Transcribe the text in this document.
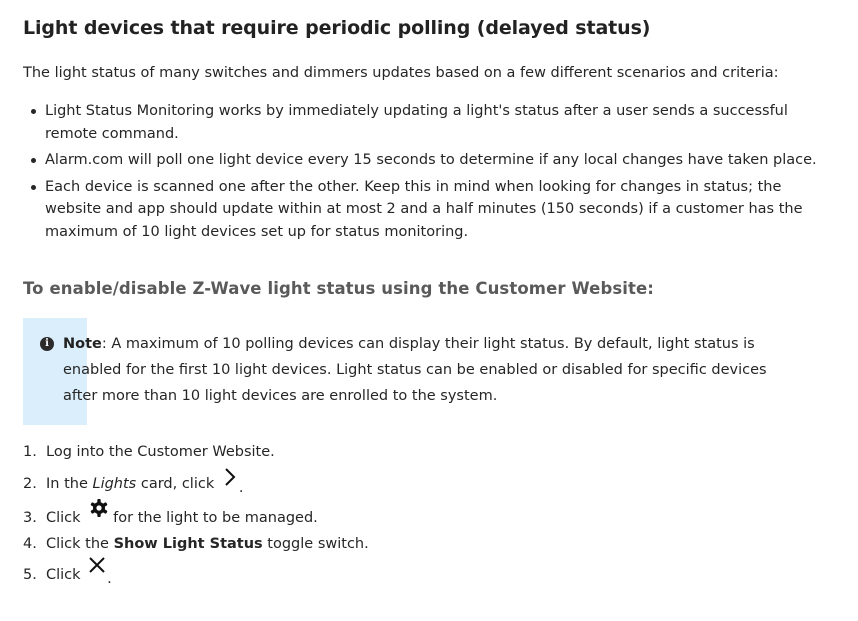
Light devices that require periodic polling (delayed status)

The light status of many switches and dimmers updates based on a few different scenarios and criteria:

Light Status Monitoring works by immediately updating a light's status after a user sends a successful remote command.
Alarm.com will poll one light device every 15 seconds to determine if any local changes have taken place.
Each device is scanned one after the other. Keep this in mind when looking for changes in status; the website and app should update within at most 2 and a half minutes (150 seconds) if a customer has the maximum of 10 light devices set up for status monitoring.
To enable/disable Z-Wave light status using the Customer Website:
i Note: A maximum of 10 polling devices can display their light status. By default, light status is enabled for the first 10 light devices. Light status can be enabled or disabled for specific devices after more than 10 light devices are enrolled to the system.
1. Log into the Customer Website.
2. In the Lights card, click .
3. Click for the light to be managed.
4. Click the Show Light Status toggle switch.
5. Click .
